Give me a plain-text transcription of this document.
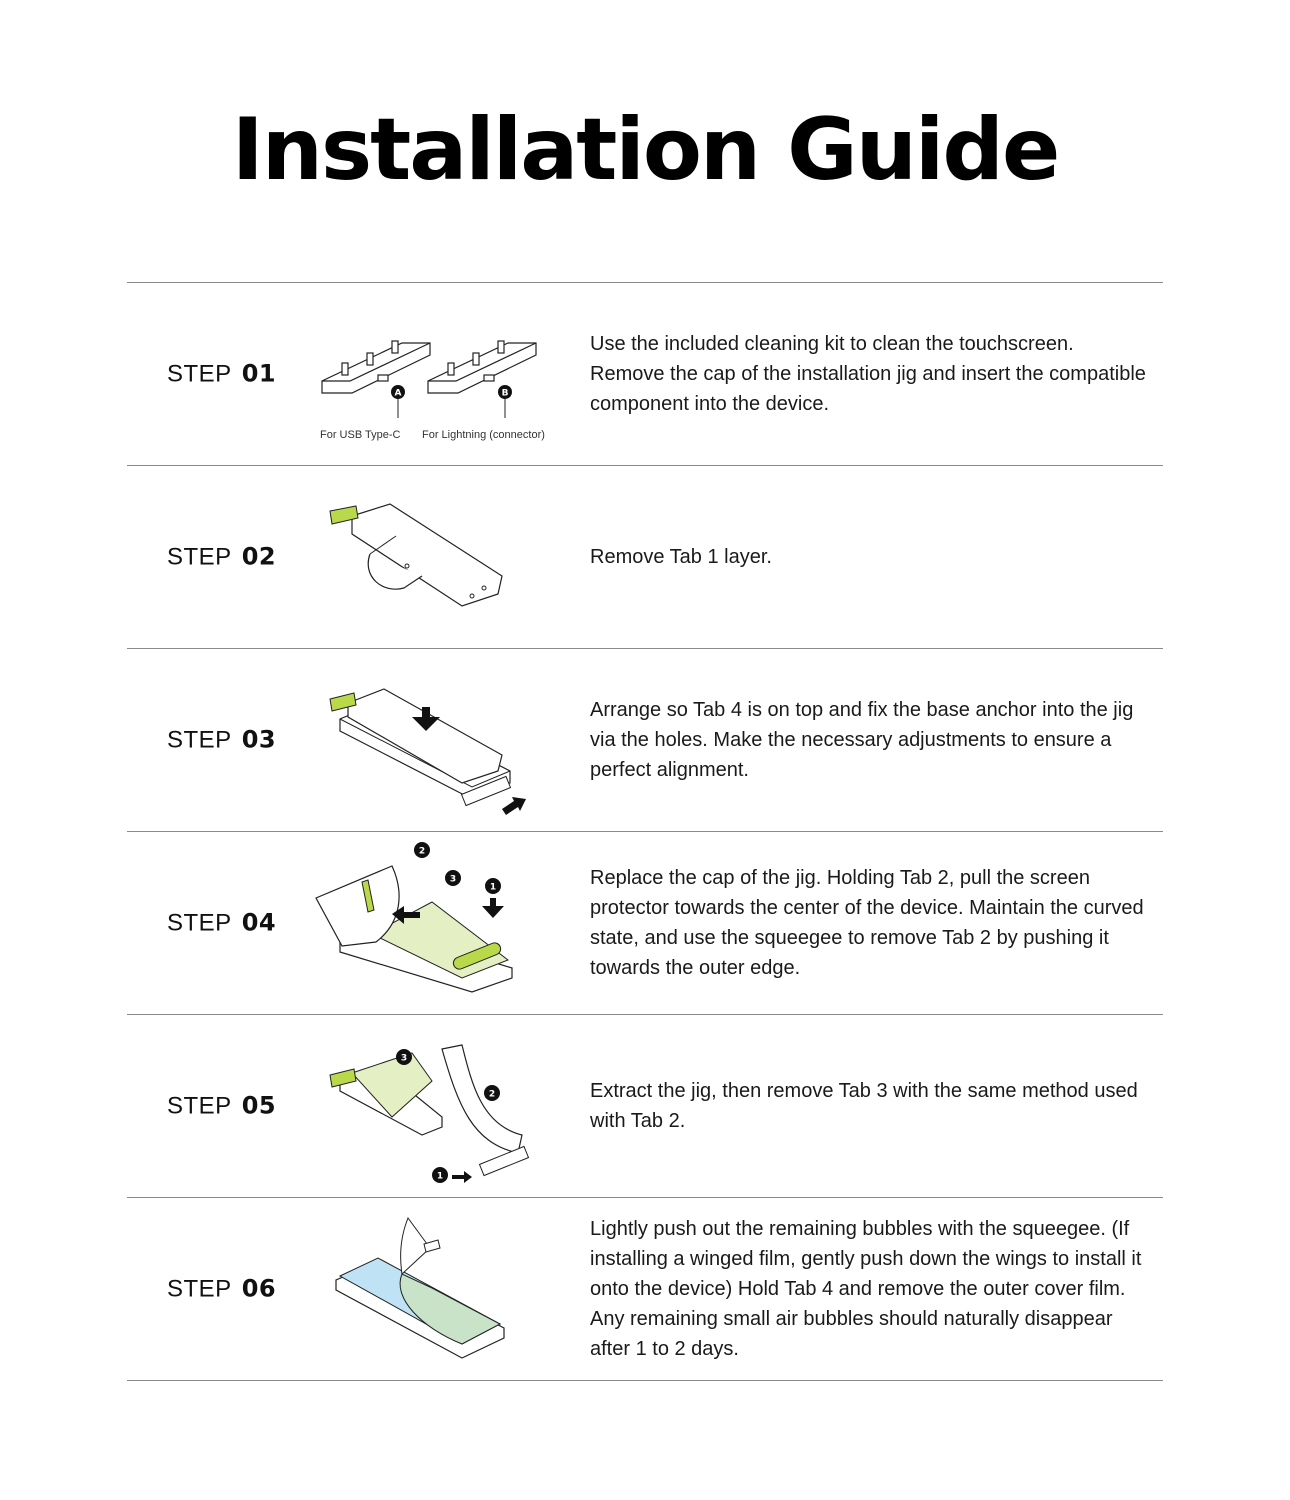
Installation Guide
STEP 01
A	B
For USB Type-C For Lightning (connector)

Use the included cleaning kit to clean the touchscreen. Remove the cap of the installation jig and insert the compatible component into the device.

STEP 02	Remove Tab 1 layer.

STEP 03

Arrange so Tab 4 is on top and fix the base anchor into the jig via the holes. Make the necessary adjustments to ensure a perfect alignment.

STEP 04
1
2
3	Replace the cap of the jig. Holding Tab 2, pull the screen protector towards the center of the device. Maintain the curved state, and use the squeegee to remove Tab 2 by pushing it towards the outer edge.

STEP 05
1
2
3

Extract the jig, then remove Tab 3 with the same method used with Tab 2.

STEP 06

Lightly push out the remaining bubbles with the squeegee. (If installing a winged film, gently push down the wings to install it onto the device) Hold Tab 4 and remove the outer cover film. Any remaining small air bubbles should naturally disappear after 1 to 2 days.
